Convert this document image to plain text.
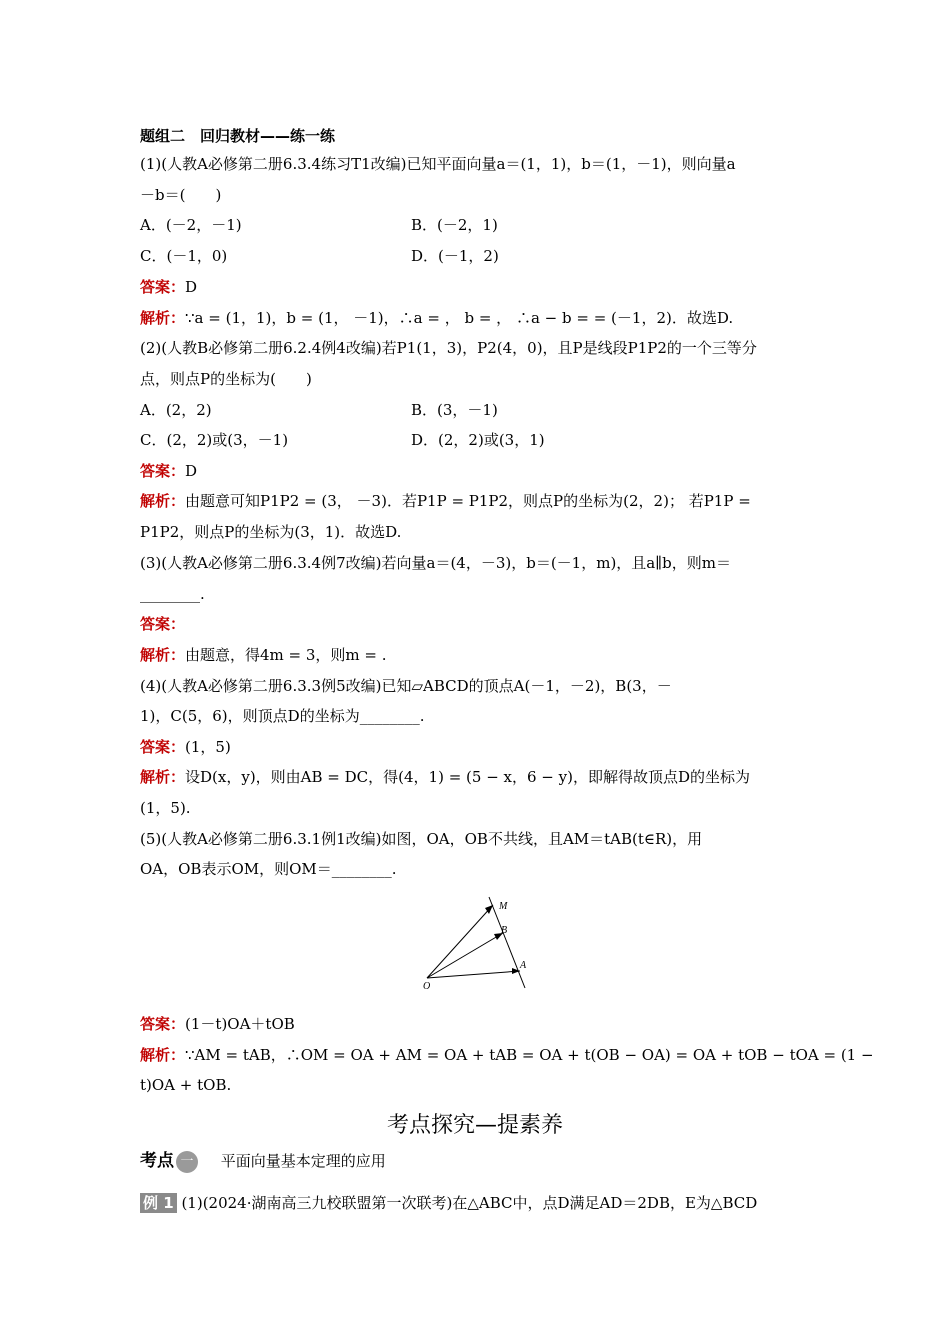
题组二　回归教材——练一练
(1)(人教A必修第二册6.3.4练习T1改编)已知平面向量a＝(1，1)，b＝(1，－1)，则向量a
－b＝(　　)
A．(－2，－1)	B．(－2，1)
C．(－1，0)	D．(－1，2)
答案：D
解析：∵a = (1，1)，b = (1， －1)，∴a = ， b = ， ∴a − b = = (－1，2)．故选D.
(2)(人教B必修第二册6.2.4例4改编)若P1(1，3)，P2(4，0)，且P是线段P1P2的一个三等分
点，则点P的坐标为(　　)
A．(2，2)	B．(3，－1)
C．(2，2)或(3，－1)	D．(2，2)或(3，1)
答案：D
解析：由题意可知P1P2 = (3， －3)．若P1P = P1P2，则点P的坐标为(2，2)； 若P1P =
P1P2，则点P的坐标为(3，1)．故选D.
(3)(人教A必修第二册6.3.4例7改编)若向量a＝(4，－3)，b＝(－1，m)，且a∥b，则m＝
________.
答案：
解析：由题意，得4m = 3，则m = .
(4)(人教A必修第二册6.3.3例5改编)已知▱ABCD的顶点A(－1，－2)，B(3，－
1)，C(5，6)，则顶点D的坐标为________.
答案：(1，5)
解析：设D(x，y)，则由AB = DC，得(4，1) = (5 − x，6 − y)，即解得故顶点D的坐标为
(1，5).
(5)(人教A必修第二册6.3.1例1改编)如图，OA，OB不共线，且AM＝tAB(t∈R)，用
OA，OB表示OM，则OM＝________.
答案：(1－t)OA＋tOB
解析：∵AM = tAB，∴OM = OA + AM = OA + tAB = OA + t(OB − OA) = OA + tOB − tOA = (1 −
t)OA + tOB.
M
B
A
O
考点探究—提素养
考点 一 平面向量基本定理的应用
例 1 (1)(2024·湖南高三九校联盟第一次联考)在△ABC中，点D满足AD＝2DB，E为△BCD
